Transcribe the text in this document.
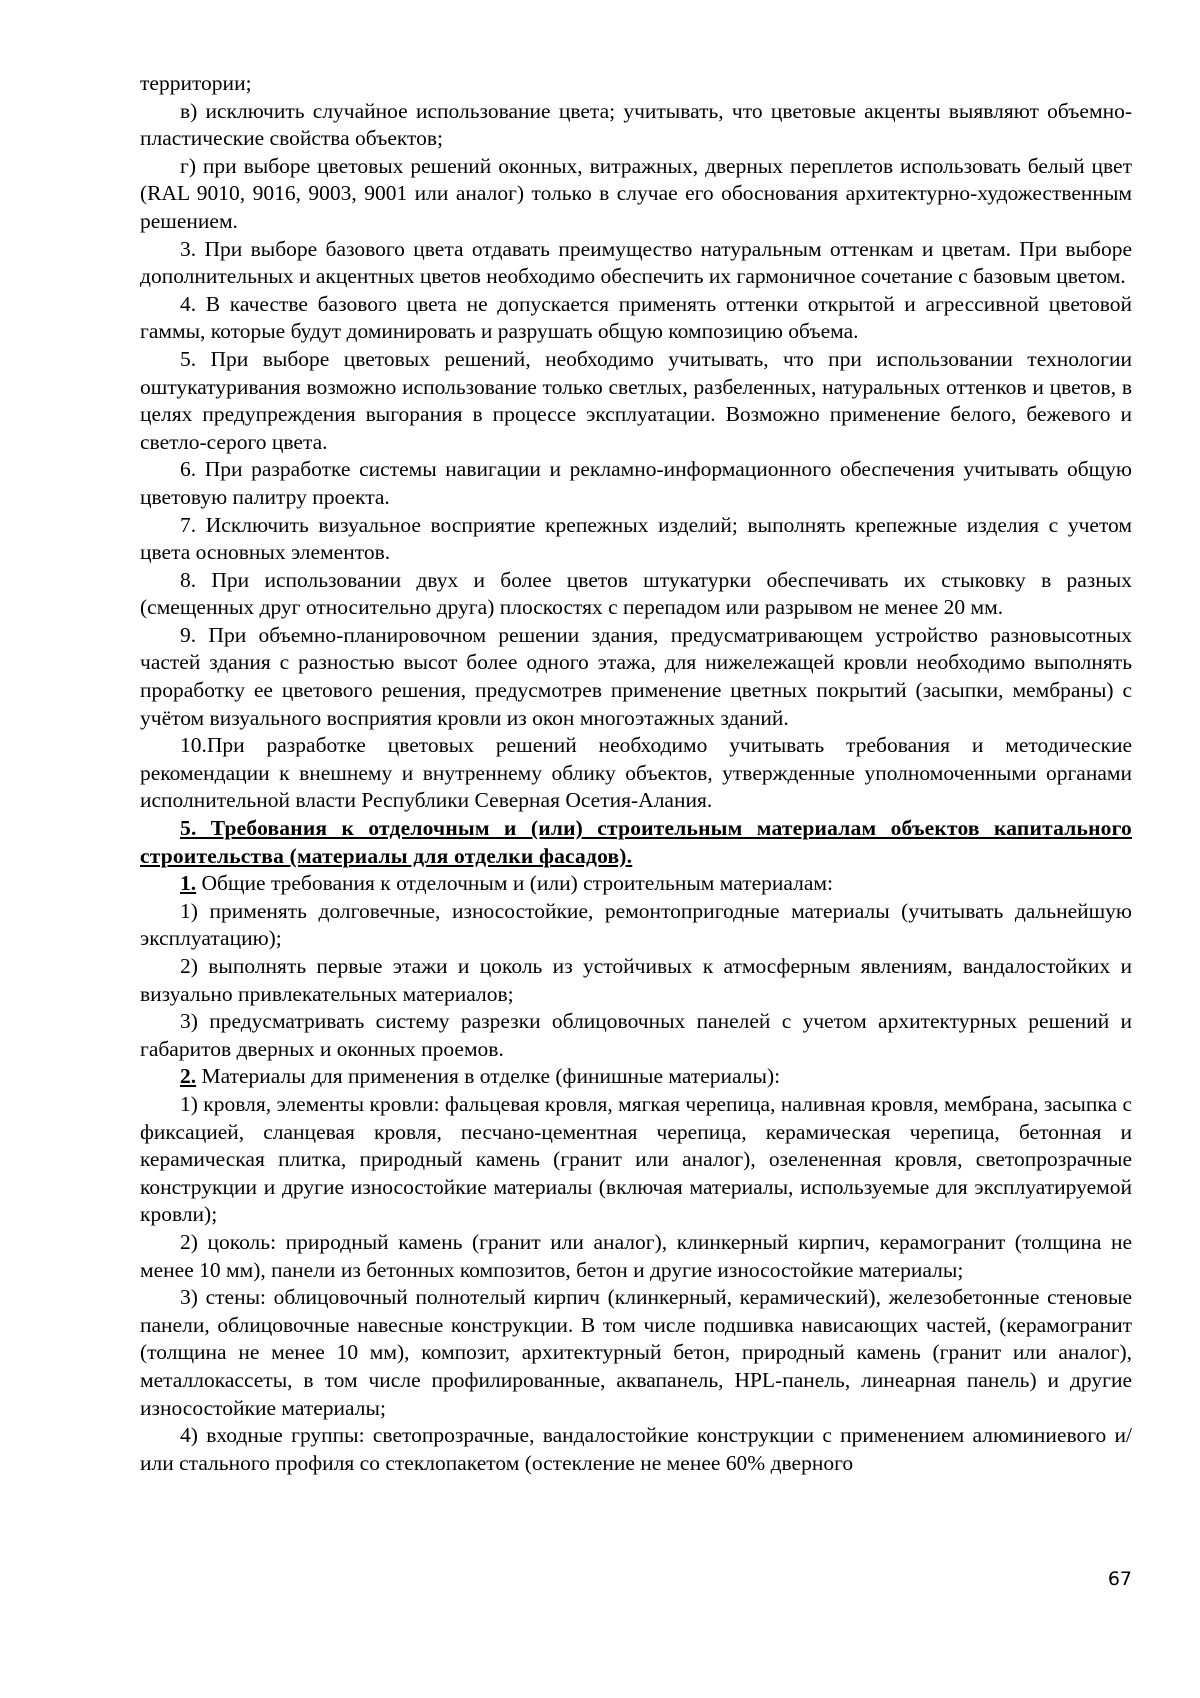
территории;

в) исключить случайное использование цвета; учитывать, что цветовые акценты выявляют объемно-пластические свойства объектов;

г) при выборе цветовых решений оконных, витражных, дверных переплетов использовать белый цвет (RAL 9010, 9016, 9003, 9001 или аналог) только в случае его обоснования архитектурно-художественным решением.

3. При выборе базового цвета отдавать преимущество натуральным оттенкам и цветам. При выборе дополнительных и акцентных цветов необходимо обеспечить их гармоничное сочетание с базовым цветом.

4. В качестве базового цвета не допускается применять оттенки открытой и агрессивной цветовой гаммы, которые будут доминировать и разрушать общую композицию объема.

5. При выборе цветовых решений, необходимо учитывать, что при использовании технологии оштукатуривания возможно использование только светлых, разбеленных, натуральных оттенков и цветов, в целях предупреждения выгорания в процессе эксплуатации. Возможно применение белого, бежевого и светло-серого цвета.

6. При разработке системы навигации и рекламно-информационного обеспечения учитывать общую цветовую палитру проекта.

7. Исключить визуальное восприятие крепежных изделий; выполнять крепежные изделия с учетом цвета основных элементов.

8. При использовании двух и более цветов штукатурки обеспечивать их стыковку в разных (смещенных друг относительно друга) плоскостях с перепадом или разрывом не менее 20 мм.

9. При объемно-планировочном решении здания, предусматривающем устройство разновысотных частей здания с разностью высот более одного этажа, для нижележащей кровли необходимо выполнять проработку ее цветового решения, предусмотрев применение цветных покрытий (засыпки, мембраны) с учётом визуального восприятия кровли из окон многоэтажных зданий.

10.При разработке цветовых решений необходимо учитывать требования и методические рекомендации к внешнему и внутреннему облику объектов, утвержденные уполномоченными органами исполнительной власти Республики Северная Осетия-Алания.

5. Требования к отделочным и (или) строительным материалам объектов капитального строительства (материалы для отделки фасадов).

1. Общие требования к отделочным и (или) строительным материалам:

1) применять долговечные, износостойкие, ремонтопригодные материалы (учитывать дальнейшую эксплуатацию);

2) выполнять первые этажи и цоколь из устойчивых к атмосферным явлениям, вандалостойких и визуально привлекательных материалов;

3) предусматривать систему разрезки облицовочных панелей с учетом архитектурных решений и габаритов дверных и оконных проемов.

2. Материалы для применения в отделке (финишные материалы):

1) кровля, элементы кровли: фальцевая кровля, мягкая черепица, наливная кровля, мембрана, засыпка с фиксацией, сланцевая кровля, песчано-цементная черепица, керамическая черепица, бетонная и керамическая плитка, природный камень (гранит или аналог), озелененная кровля, светопрозрачные конструкции и другие износостойкие материалы (включая материалы, используемые для эксплуатируемой кровли);

2) цоколь: природный камень (гранит или аналог), клинкерный кирпич, керамогранит (толщина не менее 10 мм), панели из бетонных композитов, бетон и другие износостойкие материалы;

3) стены: облицовочный полнотелый кирпич (клинкерный, керамический), железобетонные стеновые панели, облицовочные навесные конструкции. В том числе подшивка нависающих частей, (керамогранит (толщина не менее 10 мм), композит, архитектурный бетон, природный камень (гранит или аналог), металлокассеты, в том числе профилированные, аквапанель, HPL-панель, линеарная панель) и другие износостойкие материалы;

4) входные группы: светопрозрачные, вандалостойкие конструкции с применением алюминиевого и/или стального профиля со стеклопакетом (остекление не менее 60% дверного

67
